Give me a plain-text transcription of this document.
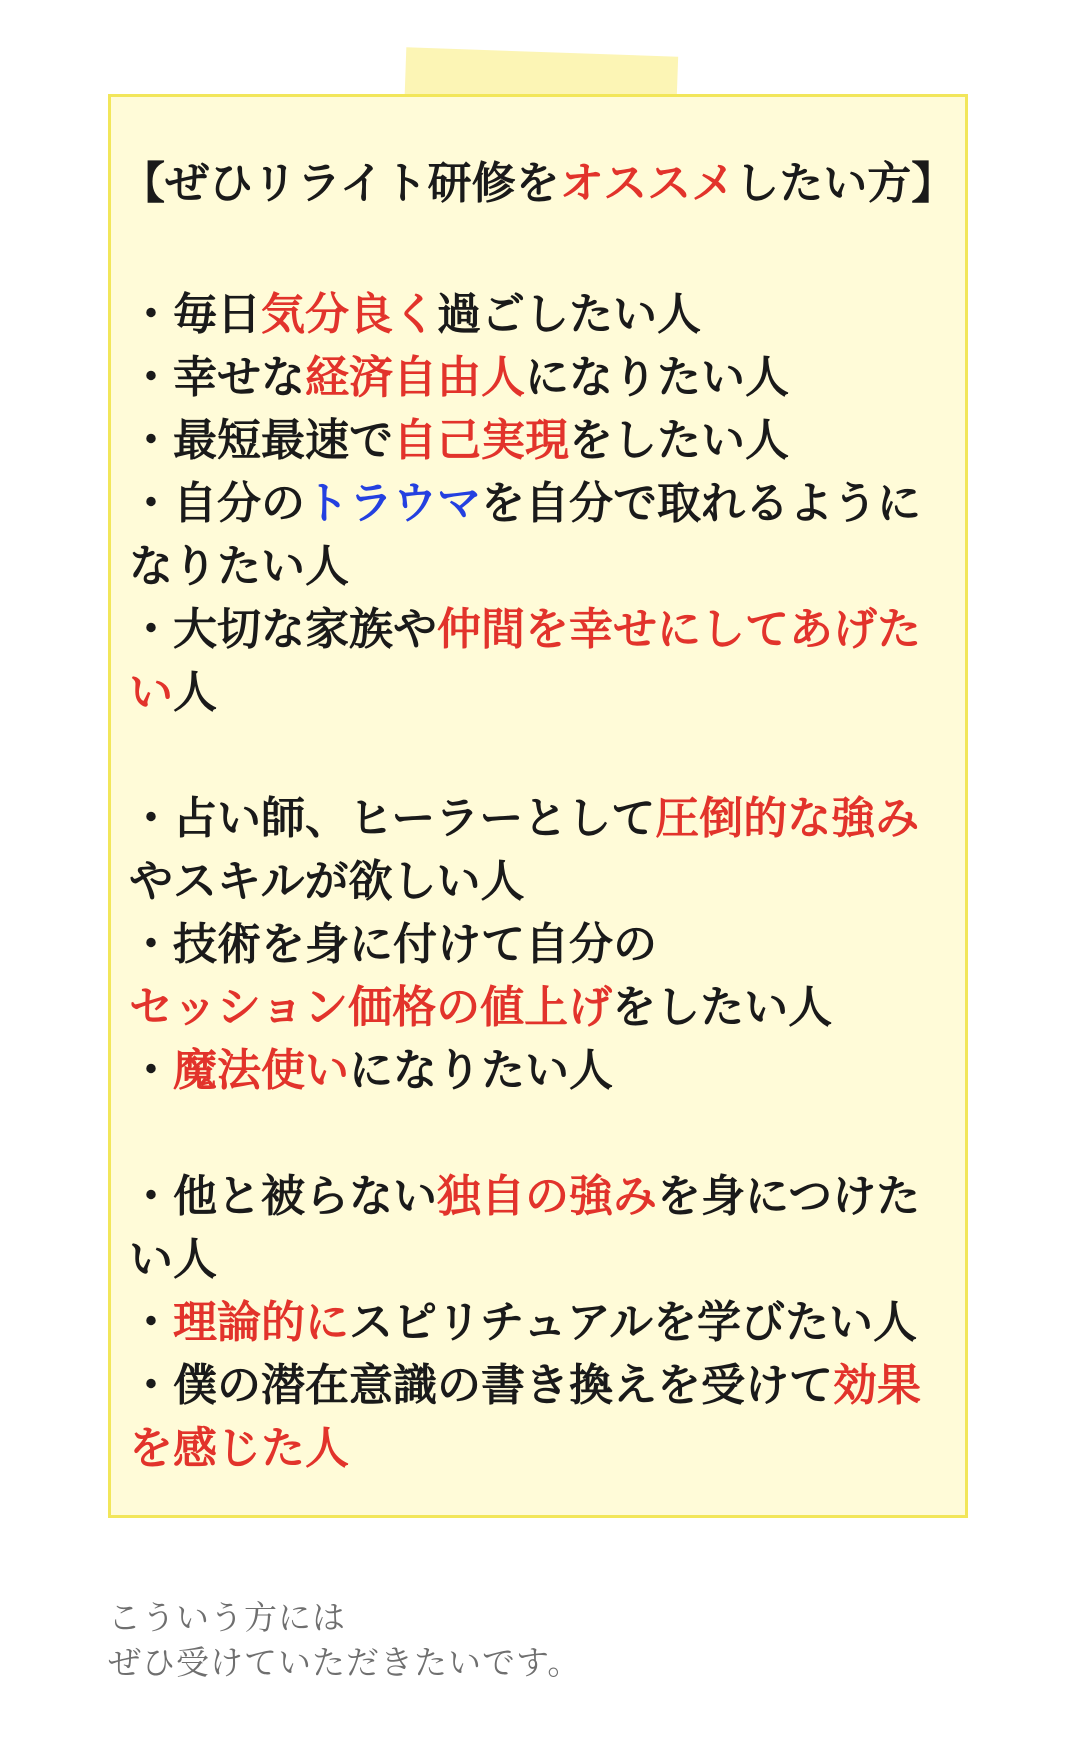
【ぜひリライト研修をオススメしたい方】

・毎日気分良く過ごしたい人

・幸せな経済自由人になりたい人

・最短最速で自己実現をしたい人

・自分のトラウマを自分で取れるようになりたい人

・大切な家族や仲間を幸せにしてあげたい人

・占い師、ヒーラーとして圧倒的な強みやスキルが欲しい人

・技術を身に付けて自分の
セッション価格の値上げをしたい人

・魔法使いになりたい人

・他と被らない独自の強みを身につけたい人

・理論的にスピリチュアルを学びたい人

・僕の潜在意識の書き換えを受けて効果を感じた人

こういう方には
ぜひ受けていただきたいです。
